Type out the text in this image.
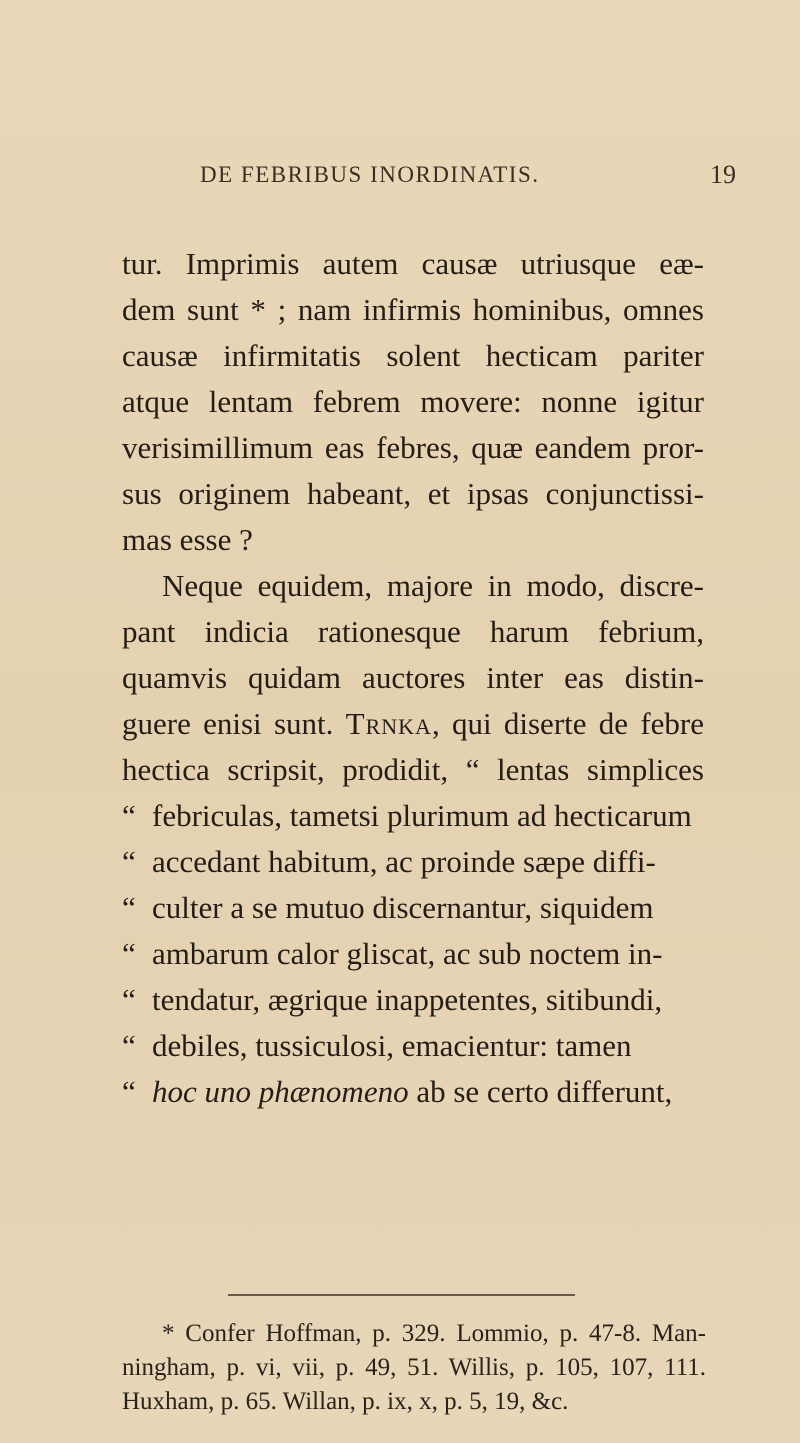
DE FEBRIBUS INORDINATIS.	19
tur. Imprimis autem causæ utriusque eæ-
dem sunt * ; nam infirmis hominibus, omnes
causæ infirmitatis solent hecticam pariter
atque lentam febrem movere: nonne igitur
verisimillimum eas febres, quæ eandem pror-
sus originem habeant, et ipsas conjunctissi-
mas esse ?
Neque equidem, majore in modo, discre-
pant indicia rationesque harum febrium,
quamvis quidam auctores inter eas distin-
guere enisi sunt. Trnka, qui diserte de febre
hectica scripsit, prodidit, “ lentas simplices
“ febriculas, tametsi plurimum ad hecticarum
“ accedant habitum, ac proinde sæpe diffi-
“ culter a se mutuo discernantur, siquidem
“ ambarum calor gliscat, ac sub noctem in-
“ tendatur, ægrique inappetentes, sitibundi,
“ debiles, tussiculosi, emacientur: tamen
“ hoc uno phænomeno ab se certo differunt,
* Confer Hoffman, p. 329. Lommio, p. 47-8. Man-
ningham, p. vi, vii, p. 49, 51. Willis, p. 105, 107, 111.
Huxham, p. 65. Willan, p. ix, x, p. 5, 19, &c.
